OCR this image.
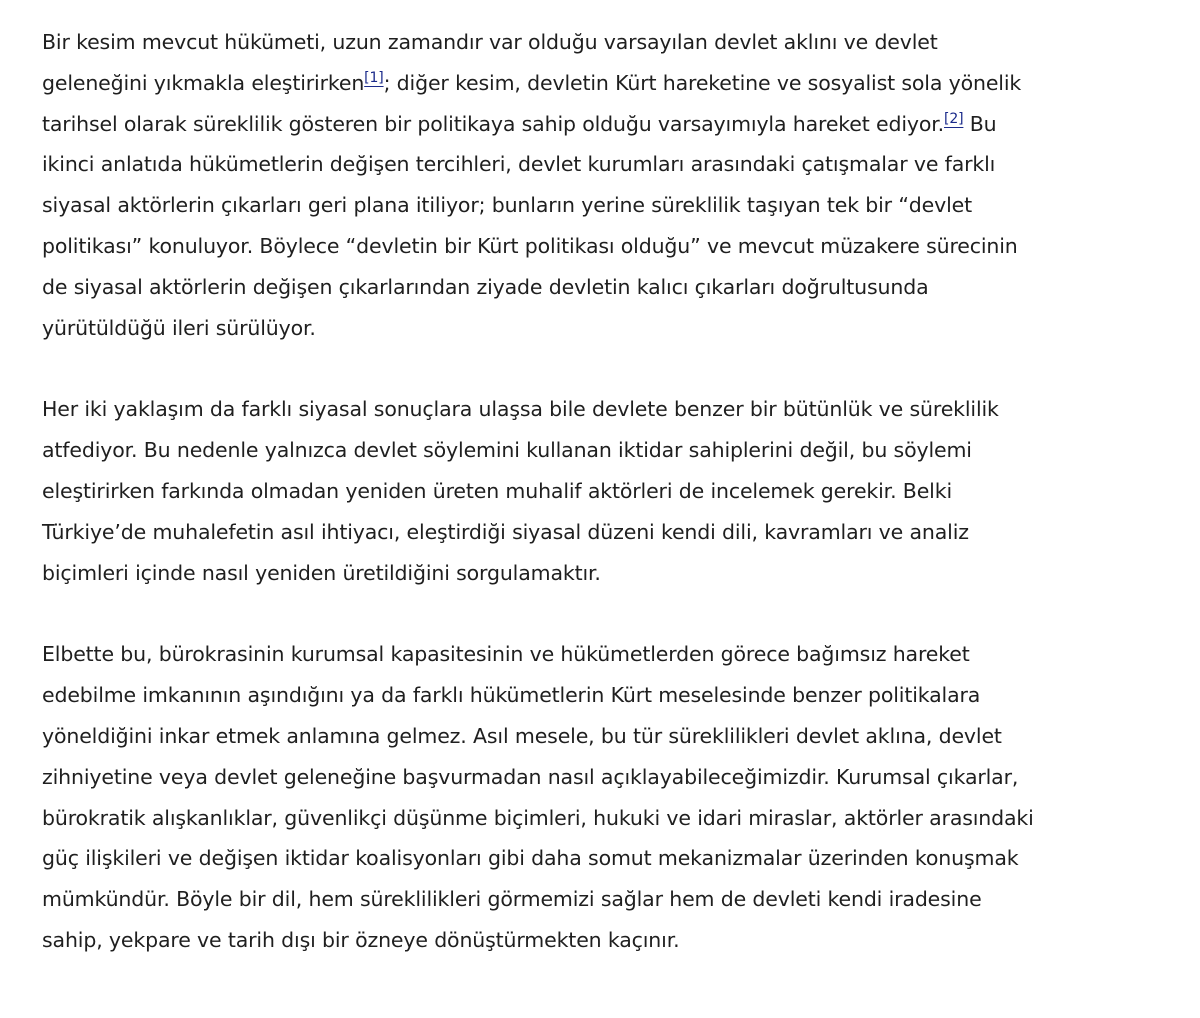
Bir kesim mevcut hükümeti, uzun zamandır var olduğu varsayılan devlet aklını ve devlet geleneğini yıkmakla eleştirirken[1]; diğer kesim, devletin Kürt hareketine ve sosyalist sola yönelik tarihsel olarak süreklilik gösteren bir politikaya sahip olduğu varsayımıyla hareket ediyor.[2] Bu ikinci anlatıda hükümetlerin değişen tercihleri, devlet kurumları arasındaki çatışmalar ve farklı siyasal aktörlerin çıkarları geri plana itiliyor; bunların yerine süreklilik taşıyan tek bir “devlet politikası” konuluyor. Böylece “devletin bir Kürt politikası olduğu” ve mevcut müzakere sürecinin de siyasal aktörlerin değişen çıkarlarından ziyade devletin kalıcı çıkarları doğrultusunda yürütüldüğü ileri sürülüyor.

Her iki yaklaşım da farklı siyasal sonuçlara ulaşsa bile devlete benzer bir bütünlük ve süreklilik atfediyor. Bu nedenle yalnızca devlet söylemini kullanan iktidar sahiplerini değil, bu söylemi eleştirirken farkında olmadan yeniden üreten muhalif aktörleri de incelemek gerekir. Belki Türkiye’de muhalefetin asıl ihtiyacı, eleştirdiği siyasal düzeni kendi dili, kavramları ve analiz biçimleri içinde nasıl yeniden üretildiğini sorgulamaktır.

Elbette bu, bürokrasinin kurumsal kapasitesinin ve hükümetlerden görece bağımsız hareket edebilme imkanının aşındığını ya da farklı hükümetlerin Kürt meselesinde benzer politikalara yöneldiğini inkar etmek anlamına gelmez. Asıl mesele, bu tür süreklilikleri devlet aklına, devlet zihniyetine veya devlet geleneğine başvurmadan nasıl açıklayabileceğimizdir. Kurumsal çıkarlar, bürokratik alışkanlıklar, güvenlikçi düşünme biçimleri, hukuki ve idari miraslar, aktörler arasındaki güç ilişkileri ve değişen iktidar koalisyonları gibi daha somut mekanizmalar üzerinden konuşmak mümkündür. Böyle bir dil, hem süreklilikleri görmemizi sağlar hem de devleti kendi iradesine sahip, yekpare ve tarih dışı bir özneye dönüştürmekten kaçınır.
